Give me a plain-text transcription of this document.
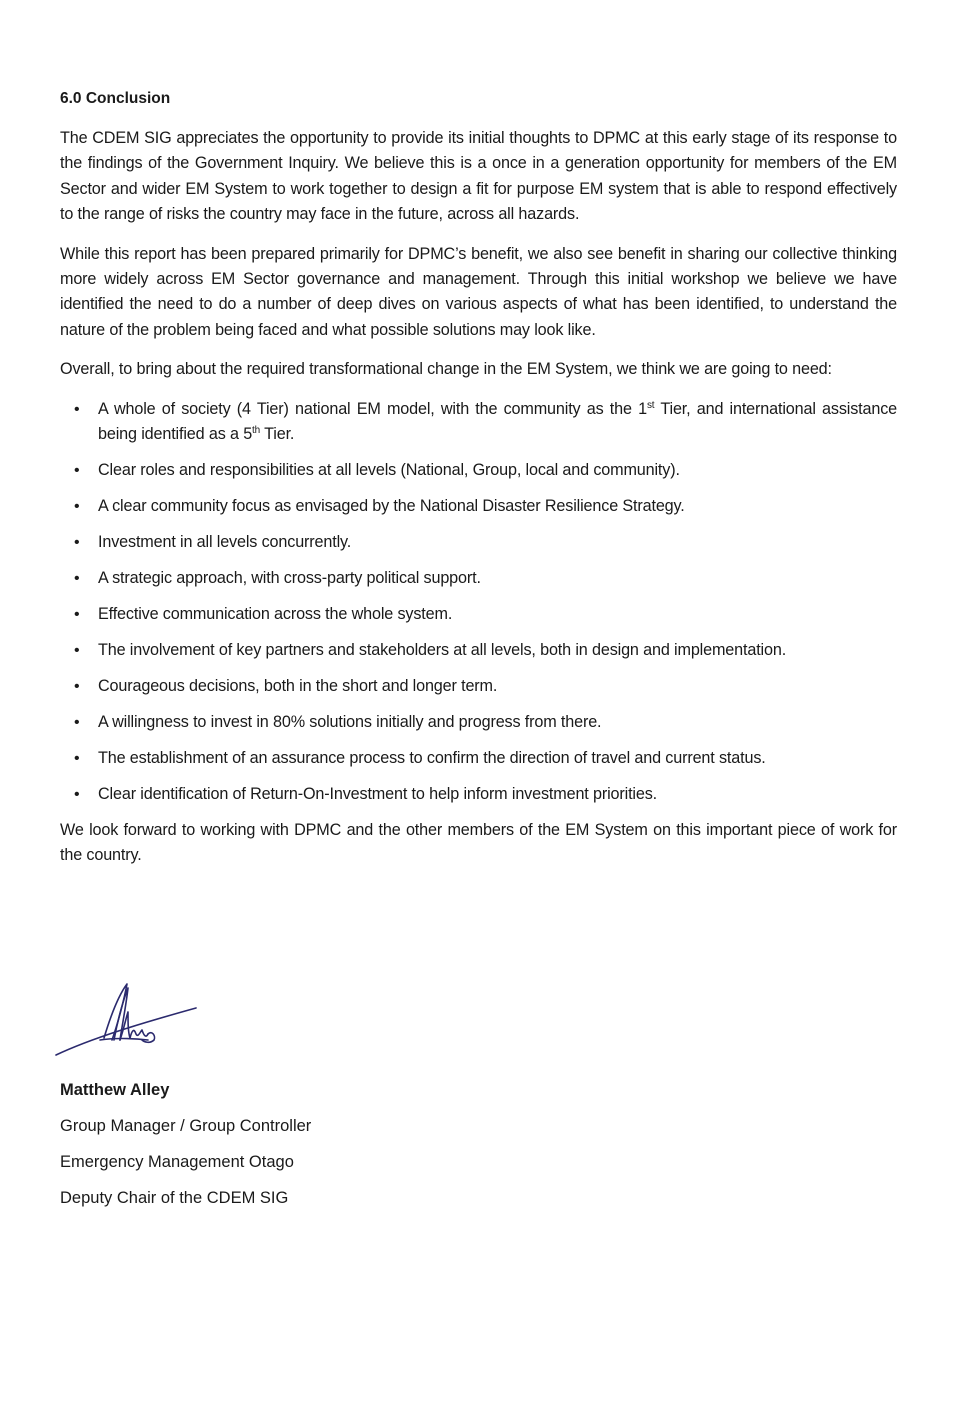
6.0 Conclusion

The CDEM SIG appreciates the opportunity to provide its initial thoughts to DPMC at this early stage of its response to the findings of the Government Inquiry. We believe this is a once in a generation opportunity for members of the EM Sector and wider EM System to work together to design a fit for purpose EM system that is able to respond effectively to the range of risks the country may face in the future, across all hazards.

While this report has been prepared primarily for DPMC’s benefit, we also see benefit in sharing our collective thinking more widely across EM Sector governance and management. Through this initial workshop we believe we have identified the need to do a number of deep dives on various aspects of what has been identified, to understand the nature of the problem being faced and what possible solutions may look like.

Overall, to bring about the required transformational change in the EM System, we think we are going to need:

• A whole of society (4 Tier) national EM model, with the community as the 1st Tier, and international assistance being identified as a 5th Tier.
• Clear roles and responsibilities at all levels (National, Group, local and community).
• A clear community focus as envisaged by the National Disaster Resilience Strategy.
• Investment in all levels concurrently.
• A strategic approach, with cross-party political support.
• Effective communication across the whole system.
• The involvement of key partners and stakeholders at all levels, both in design and implementation.
• Courageous decisions, both in the short and longer term.
• A willingness to invest in 80% solutions initially and progress from there.
• The establishment of an assurance process to confirm the direction of travel and current status.
• Clear identification of Return-On-Investment to help inform investment priorities.

We look forward to working with DPMC and the other members of the EM System on this important piece of work for the country.

Matthew Alley

Group Manager / Group Controller

Emergency Management Otago

Deputy Chair of the CDEM SIG
